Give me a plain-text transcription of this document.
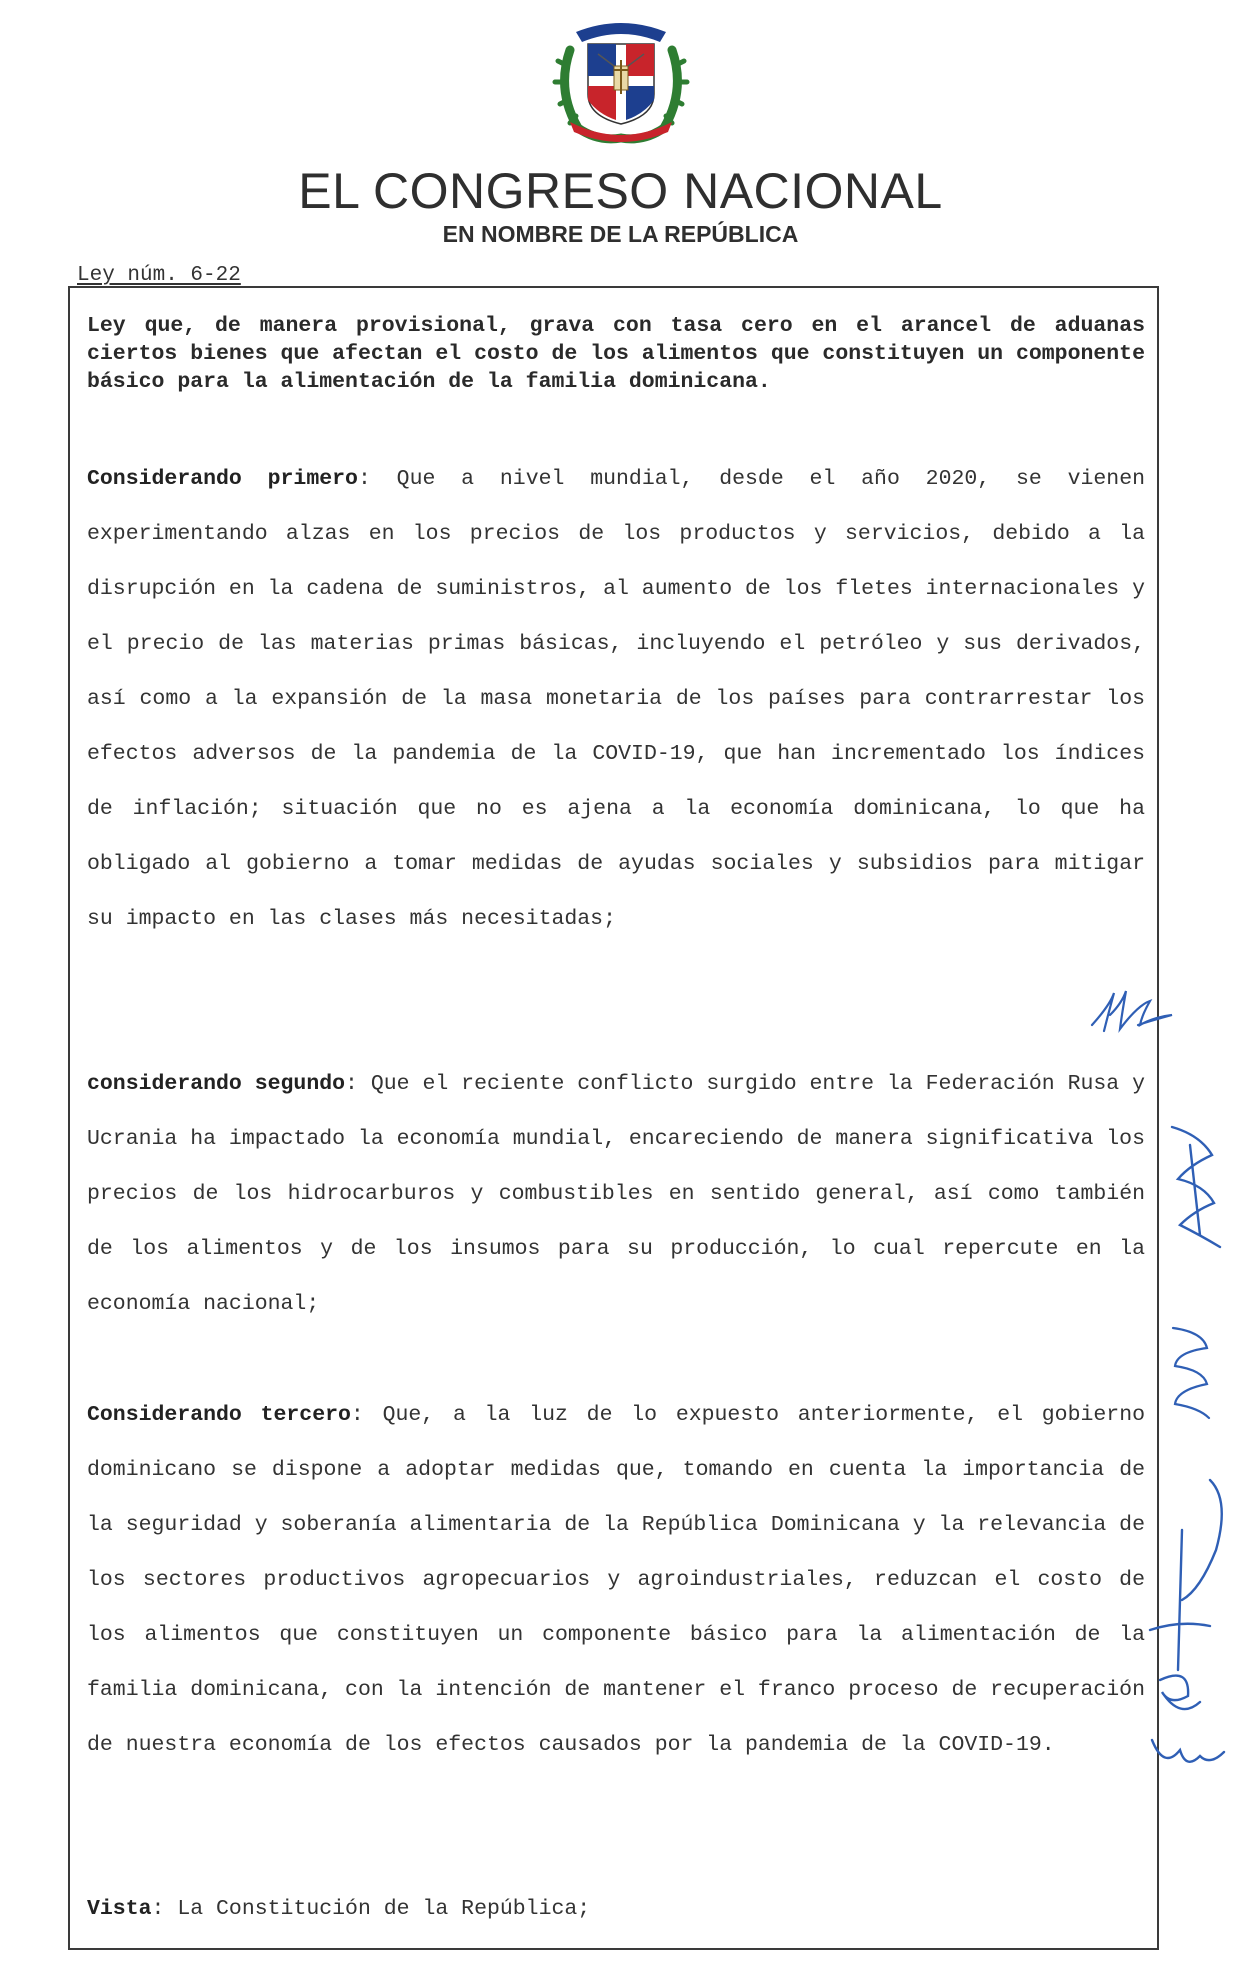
EL CONGRESO NACIONAL
EN NOMBRE DE LA REPÚBLICA
Ley núm. 6-22

Ley que, de manera provisional, grava con tasa cero en el arancel de aduanas ciertos bienes que afectan el costo de los alimentos que constituyen un componente básico para la alimentación de la familia dominicana.

Considerando primero: Que a nivel mundial, desde el año 2020, se vienen experimentando alzas en los precios de los productos y servicios, debido a la disrupción en la cadena de suministros, al aumento de los fletes internacionales y el precio de las materias primas básicas, incluyendo el petróleo y sus derivados, así como a la expansión de la masa monetaria de los países para contrarrestar los efectos adversos de la pandemia de la COVID-19, que han incrementado los índices de inflación; situación que no es ajena a la economía dominicana, lo que ha obligado al gobierno a tomar medidas de ayudas sociales y subsidios para mitigar su impacto en las clases más necesitadas;

considerando segundo: Que el reciente conflicto surgido entre la Federación Rusa y Ucrania ha impactado la economía mundial, encareciendo de manera significativa los precios de los hidrocarburos y combustibles en sentido general, así como también de los alimentos y de los insumos para su producción, lo cual repercute en la economía nacional;

Considerando tercero: Que, a la luz de lo expuesto anteriormente, el gobierno dominicano se dispone a adoptar medidas que, tomando en cuenta la importancia de la seguridad y soberanía alimentaria de la República Dominicana y la relevancia de los sectores productivos agropecuarios y agroindustriales, reduzcan el costo de los alimentos que constituyen un componente básico para la alimentación de la familia dominicana, con la intención de mantener el franco proceso de recuperación de nuestra economía de los efectos causados por la pandemia de la COVID-19.

Vista: La Constitución de la República;
